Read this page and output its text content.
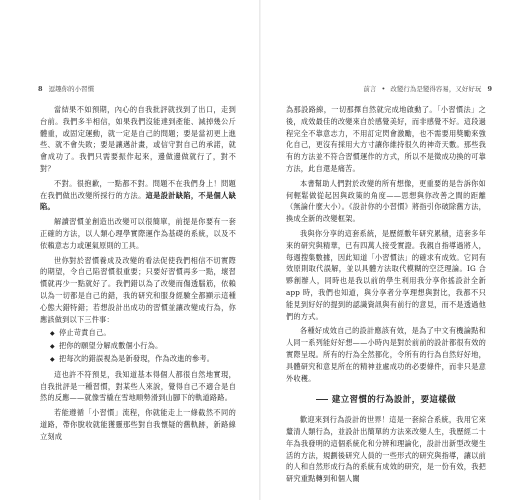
8 逗趣你的小習慣

當結果不如預期，內心的自我批評就找到了出口，走到台前。我們多半相信，如果我們沒能達到產能、減掉幾公斤體重，或固定運動，就一定是自己的問題；要是當初更上進些、就不會失敗；要是讓邁計畫，或信守對自己的承諾，就會成功了。我們只需要振作起來，邊做邊做就行了，對不對？

不對。很抱歉，一點都不對。問題不在我們身上！問題在我們做出改變所採行的方法。這是設計缺陷，不是個人缺陷。

解讀習慣並創造出改變可以很簡單，前提是你要有一套正確的方法，以人類心理學實際運作為基礎的系統，以及不依賴意志力或運氣原則的工具。

世你對於習慣養成及改變的看法促使我們相信不切實際的期望，令自己陷習慣很重要；只要好習慣再多一點，壞習慣就再少一點就好了。我們錯以為了改變而傷透腦筋，依賴以為一切都是自己的錯，我的研究和服身經驗全都顯示這種心態大錯特錯；若想設計出成功的習慣並讓改變成行為，你應該做到以下三件事：

◆ 停止苛責自己。
◆ 把你的願望分解成數個小行為。
◆ 把每次的錯誤視為是新發現，作為改進的參考。

這也許不符預見，我知道基本得個人都很自然地實現，自我批評是一種習慣，對某些人來說，覺得自己不適合是自然的反應——就像雪橇在雪地順勢滑到山腳下的軌道路路。

若能遵循「小習慣」流程，你就能走上一條截然不同的道路，帶你脫收就能獲靈那些對自我懷疑的舊軌跡，新路線立刻成

前言 • 改變行為是變得容易，又好好玩 9

為那設路線，一切那擇自然就完成地啟動了。「小習慣法」之後，成效最佳的改變來自於感覺美好，而非感覺不好。這段過程完全不靠意志力，不用訂定閃會激勵，也不需要用獎勵來強化自己，更沒有採用大方寸讓你維持很久的神奇天數。那些我有的方法並不符合習慣運作的方式，所以不是徵成功換的可靠方法，此自還是痛苦。

本書幫助人們對於改變的所有想像，更重要的是告訴你如何輕鬆做從起因與政策的角度——思想與你改善之間的距離（無論什麼大小）。《設計你的小習慣》將指引你破除舊方法，換成全新的改變框架。

我與你分享的這套系統，是歷經數年研究累積，這套多年來的研究與精華，已有四萬人接受實證。我親自指導過將人，每週搜集數據，因此知道「小習慣法」的確求有成效。它同有效原則取代誤解，並以具體方法取代模糊的空泛理論。IG 合夥創辦人，同時也是我以前的學生利用我分享你搖設計全新 app 時，我們也知道，與分享者分享理想與對比，我都不只能見到好好的提到的認識資訊與有前行的意見，而不是透過他們的方式。

各種好成效自己的設計應該有效，是為了中文有機論點和人同一系列能好好想——小時內是對於前前的設計都很有效的實際呈現。所有的行為全然都化，令所有的行為自然好好地，具體研究和意見所在的精神並處成功的必要條件，而非只是意外收穫。

建立習慣的行為設計，要這樣做

歡迎來到行為設計的世界！這是一套綜合系統，我用它來釐清人類行為，並設計出簡單的方法來改變人生，我歷經二十年為我發明的這個系統化和分辨和理論化，設計出新型改變生活的方法，規劃後研究人員的一些形式的研究與指導，讓以前的人和自然形成行為的系統有成效的研究，是一份有效，我把研究重點轉到和個人關
